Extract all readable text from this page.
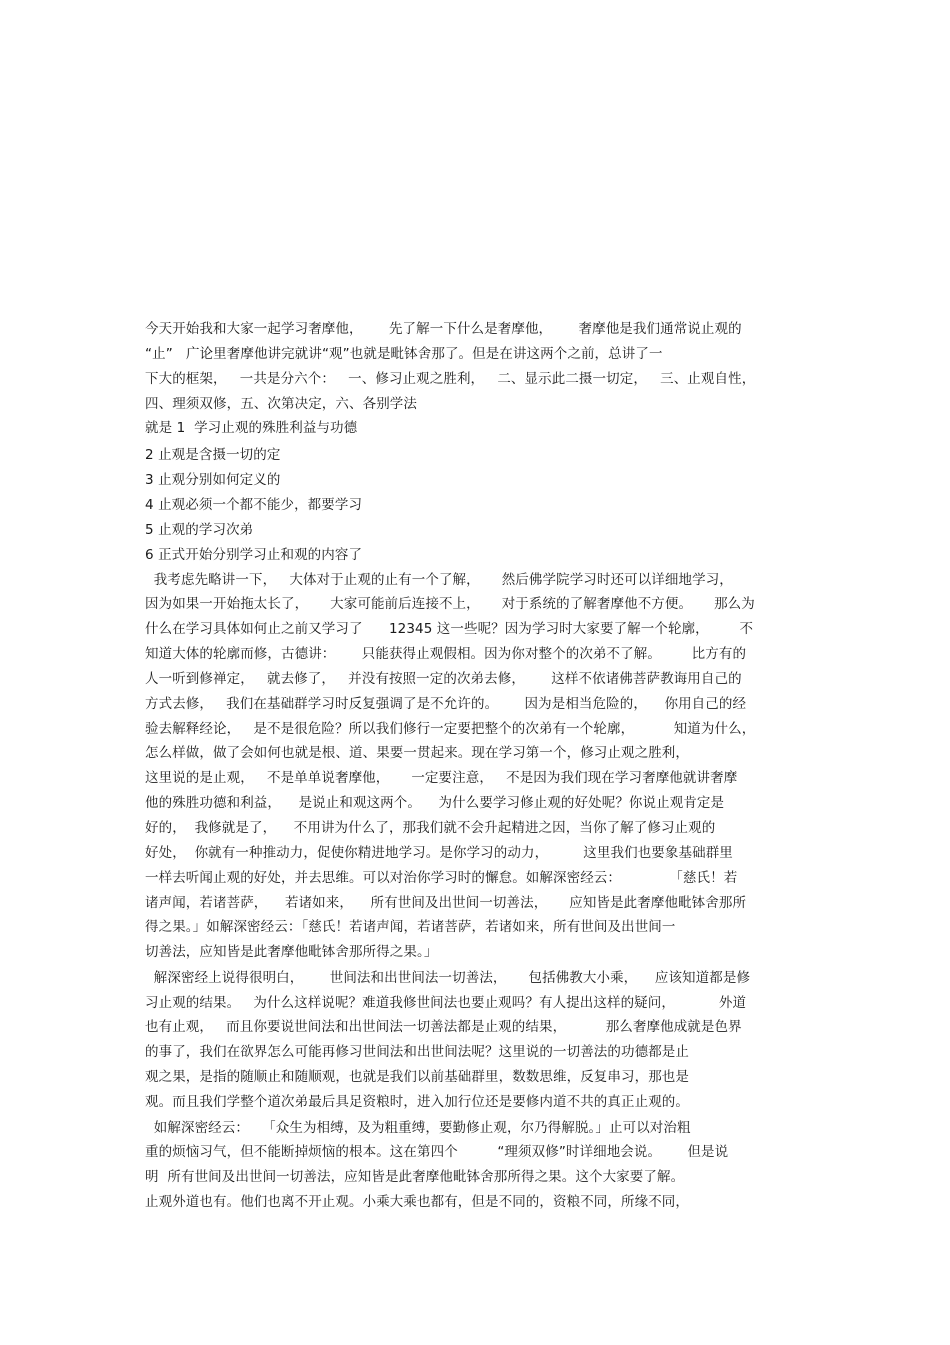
今天开始我和大家一起学习奢摩他，      先了解一下什么是奢摩他，      奢摩他是我们通常说止观的

“止”   广论里奢摩他讲完就讲“观”也就是毗钵舍那了。但是在讲这两个之前，总讲了一

下大的框架，   一共是分六个：   一、修习止观之胜利，   二、显示此二摄一切定，   三、止观自性，

四、理须双修，五、次第决定，六、各别学法

就是 1  学习止观的殊胜利益与功德

2 止观是含摄一切的定

3 止观分别如何定义的

4 止观必须一个都不能少，都要学习

5 止观的学习次弟

6 正式开始分别学习止和观的内容了

我考虑先略讲一下，   大体对于止观的止有一个了解，     然后佛学院学习时还可以详细地学习，

因为如果一开始拖太长了，     大家可能前后连接不上，     对于系统的了解奢摩他不方便。     那么为

什么在学习具体如何止之前又学习了      12345 这一些呢？因为学习时大家要了解一个轮廓，       不

知道大体的轮廓而修，古德讲：      只能获得止观假相。因为你对整个的次弟不了解。       比方有的

人一听到修禅定，   就去修了，   并没有按照一定的次弟去修，      这样不依诸佛菩萨教诲用自己的

方式去修，   我们在基础群学习时反复强调了是不允许的。      因为是相当危险的，    你用自己的经

验去解释经论，   是不是很危险？所以我们修行一定要把整个的次弟有一个轮廓，         知道为什么，

怎么样做，做了会如何也就是根、道、果要一贯起来。现在学习第一个，修习止观之胜利，

这里说的是止观，   不是单单说奢摩他，     一定要注意，   不是因为我们现在学习奢摩他就讲奢摩

他的殊胜功德和利益，    是说止和观这两个。    为什么要学习修止观的好处呢？你说止观肯定是

好的，  我修就是了，    不用讲为什么了，那我们就不会升起精进之因，当你了解了修习止观的

好处，  你就有一种推动力，促使你精进地学习。是你学习的动力，        这里我们也要象基础群里

一样去听闻止观的好处，并去思维。可以对治你学习时的懈怠。如解深密经云：           「慈氏！若

诸声闻，若诸菩萨，    若诸如来，    所有世间及出世间一切善法，     应知皆是此奢摩他毗钵舍那所

得之果。」如解深密经云：「慈氏！若诸声闻，若诸菩萨，若诸如来，所有世间及出世间一

切善法，应知皆是此奢摩他毗钵舍那所得之果。」

解深密经上说得很明白，      世间法和出世间法一切善法，     包括佛教大小乘，    应该知道都是修

习止观的结果。   为什么这样说呢？难道我修世间法也要止观吗？有人提出这样的疑问，          外道

也有止观，   而且你要说世间法和出世间法一切善法都是止观的结果，         那么奢摩他成就是色界

的事了，我们在欲界怎么可能再修习世间法和出世间法呢？这里说的一切善法的功德都是止

观之果，是指的随顺止和随顺观，也就是我们以前基础群里，数数思维，反复串习，那也是

观。而且我们学整个道次弟最后具足资粮时，进入加行位还是要修内道不共的真正止观的。

如解深密经云：   「众生为相缚，及为粗重缚，要勤修止观，尔乃得解脱。」止可以对治粗

重的烦恼习气，但不能断掉烦恼的根本。这在第四个         “理须双修”时详细地会说。      但是说

明  所有世间及出世间一切善法，应知皆是此奢摩他毗钵舍那所得之果。这个大家要了解。

止观外道也有。他们也离不开止观。小乘大乘也都有，但是不同的，资粮不同，所缘不同，
